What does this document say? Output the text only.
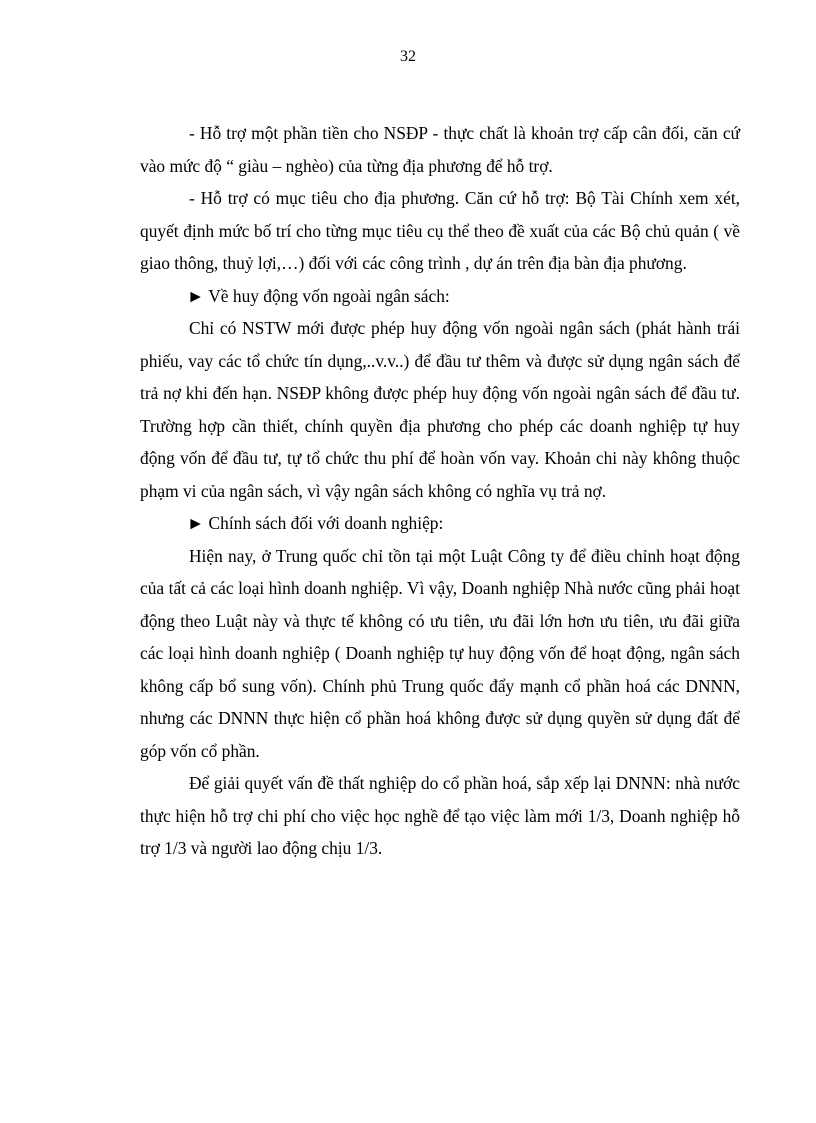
32

- Hỗ trợ một phần tiền cho NSĐP - thực chất là khoản trợ cấp cân đối, căn cứ vào mức độ “ giàu – nghèo) của từng địa phương để hỗ trợ.

- Hỗ trợ có mục tiêu cho địa phương. Căn cứ hỗ trợ: Bộ Tài Chính xem xét, quyết định mức bố trí cho từng mục tiêu cụ thể theo đề xuất của các Bộ chủ quản ( về giao thông, thuỷ lợi,…) đối với các công trình , dự án trên địa bàn địa phương.

► Về huy động vốn ngoài ngân sách:

Chỉ có NSTW mới được phép huy động vốn ngoài ngân sách (phát hành trái phiếu, vay các tổ chức tín dụng,..v.v..) để đầu tư thêm và được sử dụng ngân sách để trả nợ khi đến hạn. NSĐP không được phép huy động vốn ngoài ngân sách để đầu tư. Trường hợp cần thiết, chính quyền địa phương cho phép các doanh nghiệp tự huy động vốn để đầu tư, tự tổ chức thu phí để hoàn vốn vay. Khoản chi này không thuộc phạm vi của ngân sách, vì vậy ngân sách không có nghĩa vụ trả nợ.

► Chính sách đối với doanh nghiệp:

Hiện nay, ở Trung quốc chỉ tồn tại một Luật Công ty để điều chỉnh hoạt động của tất cả các loại hình doanh nghiệp. Vì vậy, Doanh nghiệp Nhà nước cũng phải hoạt động theo Luật này và thực tế không có ưu tiên, ưu đãi lớn hơn ưu tiên, ưu đãi giữa các loại hình doanh nghiệp ( Doanh nghiệp tự huy động vốn để hoạt động, ngân sách không cấp bổ sung vốn). Chính phủ Trung quốc đẩy mạnh cổ phần hoá các DNNN, nhưng các DNNN thực hiện cổ phần hoá không được sử dụng quyền sử dụng đất để góp vốn cổ phần.

Để giải quyết vấn đề thất nghiệp do cổ phần hoá, sắp xếp lại DNNN: nhà nước thực hiện hỗ trợ chi phí cho việc học nghề để tạo việc làm mới 1/3, Doanh nghiệp hỗ trợ 1/3 và người lao động chịu 1/3.
